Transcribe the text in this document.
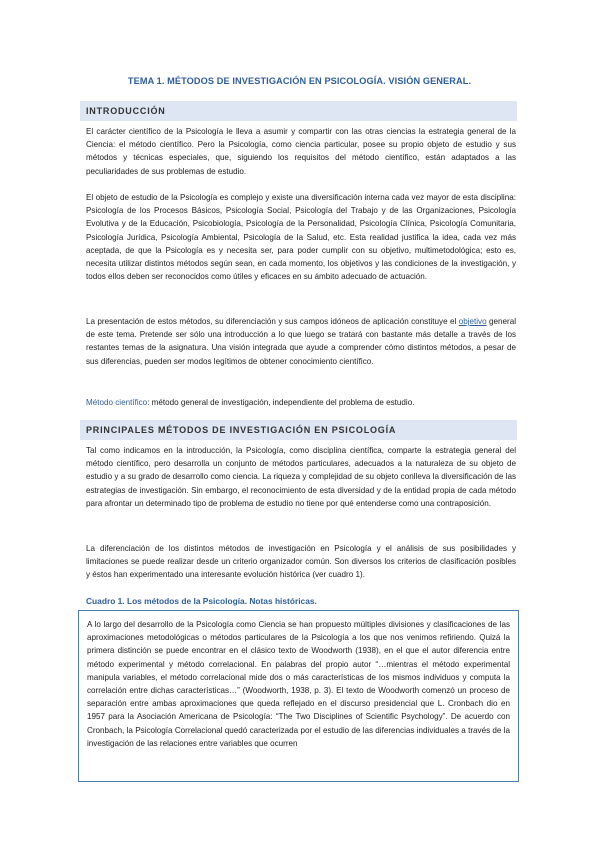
TEMA 1. MÉTODOS DE INVESTIGACIÓN EN PSICOLOGÍA. VISIÓN GENERAL.
INTRODUCCIÓN

El carácter científico de la Psicología le lleva a asumir y compartir con las otras ciencias la estrategia general de la Ciencia: el método científico. Pero la Psicología, como ciencia particular, posee su propio objeto de estudio y sus métodos y técnicas especiales, que, siguiendo los requisitos del método científico, están adaptados a las peculiaridades de sus problemas de estudio.

El objeto de estudio de la Psicología es complejo y existe una diversificación interna cada vez mayor de esta disciplina: Psicología de los Procesos Básicos, Psicología Social, Psicología del Trabajo y de las Organizaciones, Psicología Evolutiva y de la Educación, Psicobiología, Psicología de la Personalidad, Psicología Clínica, Psicología Comunitaria, Psicología Jurídica, Psicología Ambiental, Psicología de la Salud, etc. Esta realidad justifica la idea, cada vez más aceptada, de que la Psicología es y necesita ser, para poder cumplir con su objetivo, multimetodológica; esto es, necesita utilizar distintos métodos según sean, en cada momento, los objetivos y las condiciones de la investigación, y todos ellos deben ser reconocidos como útiles y eficaces en su ámbito adecuado de actuación.

La presentación de estos métodos, su diferenciación y sus campos idóneos de aplicación constituye el objetivo general de este tema. Pretende ser sólo una introducción a lo que luego se tratará con bastante más detalle a través de los restantes temas de la asignatura. Una visión integrada que ayude a comprender cómo distintos métodos, a pesar de sus diferencias, pueden ser modos legítimos de obtener conocimiento científico.

Método científico: método general de investigación, independiente del problema de estudio.

PRINCIPALES MÉTODOS DE INVESTIGACIÓN EN PSICOLOGÍA

Tal como indicamos en la introducción, la Psicología, como disciplina científica, comparte la estrategia general del método científico, pero desarrolla un conjunto de métodos particulares, adecuados a la naturaleza de su objeto de estudio y a su grado de desarrollo como ciencia. La riqueza y complejidad de su objeto conlleva la diversificación de las estrategias de investigación. Sin embargo, el reconocimiento de esta diversidad y de la entidad propia de cada método para afrontar un determinado tipo de problema de estudio no tiene por qué entenderse como una contraposición.

La diferenciación de los distintos métodos de investigación en Psicología y el análisis de sus posibilidades y limitaciones se puede realizar desde un criterio organizador común. Son diversos los criterios de clasificación posibles y éstos han experimentado una interesante evolución histórica (ver cuadro 1).

Cuadro 1. Los métodos de la Psicología. Notas históricas.

A lo largo del desarrollo de la Psicología como Ciencia se han propuesto múltiples divisiones y clasificaciones de las aproximaciones metodológicas o métodos particulares de la Psicología a los que nos venimos refiriendo. Quizá la primera distinción se puede encontrar en el clásico texto de Woodworth (1938), en el que el autor diferencia entre método experimental y método correlacional. En palabras del propio autor “…mientras el método experimental manipula variables, el método correlacional mide dos o más características de los mismos individuos y computa la correlación entre dichas características…” (Woodworth, 1938, p. 3). El texto de Woodworth comenzó un proceso de separación entre ambas aproximaciones que queda reflejado en el discurso presidencial que L. Cronbach dio en 1957 para la Asociación Americana de Psicología: “The Two Disciplines of Scientific Psychology”. De acuerdo con Cronbach, la Psicología Correlacional quedó caracterizada por el estudio de las diferencias individuales a través de la investigación de las relaciones entre variables que ocurren
